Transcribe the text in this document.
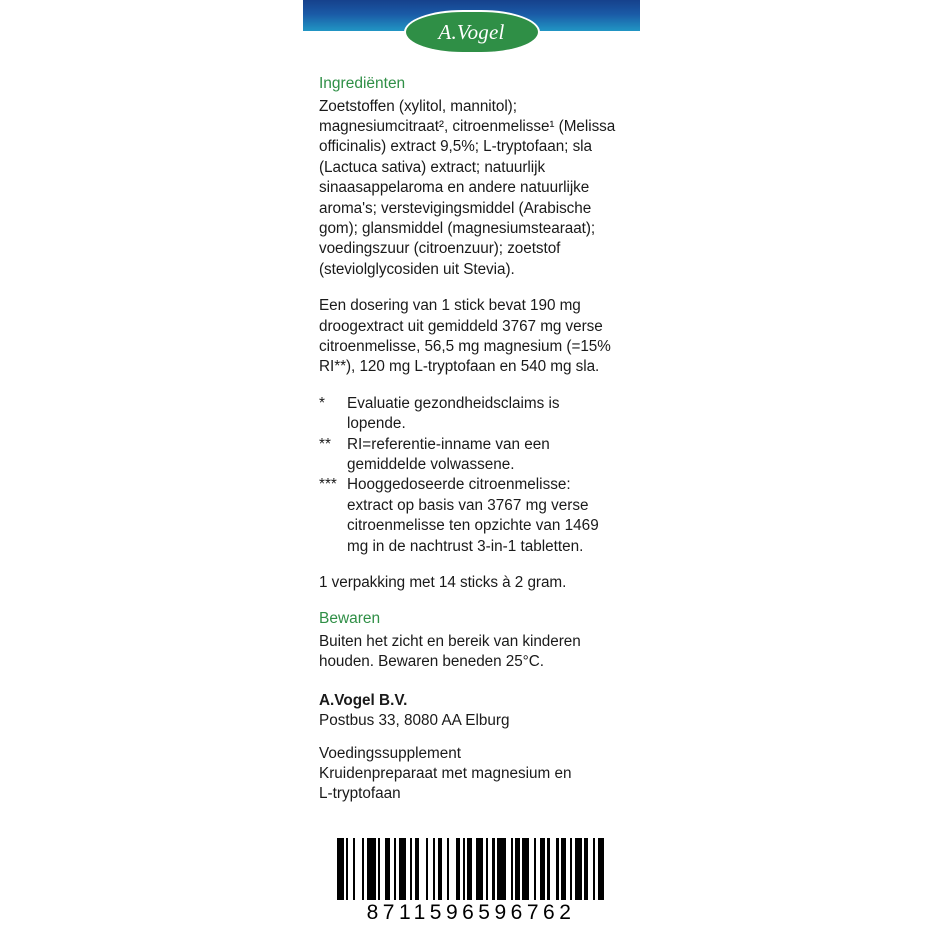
A.Vogel
Ingrediënten

Zoetstoffen (xylitol, mannitol); magnesiumcitraat², citroenmelisse¹ (Melissa officinalis) extract 9,5%; L-tryptofaan; sla (Lactuca sativa) extract; natuurlijk sinaasappelaroma en andere natuurlijke aroma's; verstevigingsmiddel (Arabische gom); glansmiddel (magnesiumstearaat); voedingszuur (citroenzuur); zoetstof (steviolglycosiden uit Stevia).

Een dosering van 1 stick bevat 190 mg droogextract uit gemiddeld 3767 mg verse citroenmelisse, 56,5 mg magnesium (=15% RI**), 120 mg L-tryptofaan en 540 mg sla.

*	Evaluatie gezondheidsclaims is lopende.
**	RI=referentie-inname van een gemiddelde volwassene.
*** Hooggedoseerde citroenmelisse: extract op basis van 3767 mg verse citroenmelisse ten opzichte van 1469 mg in de nachtrust 3-in-1 tabletten.

1 verpakking met 14 sticks à 2 gram.

Bewaren

Buiten het zicht en bereik van kinderen houden. Bewaren beneden 25°C.

A.Vogel B.V.
Postbus 33, 8080 AA Elburg
Voedingssupplement
Kruidenpreparaat met magnesium en
L-tryptofaan
8711596596762
